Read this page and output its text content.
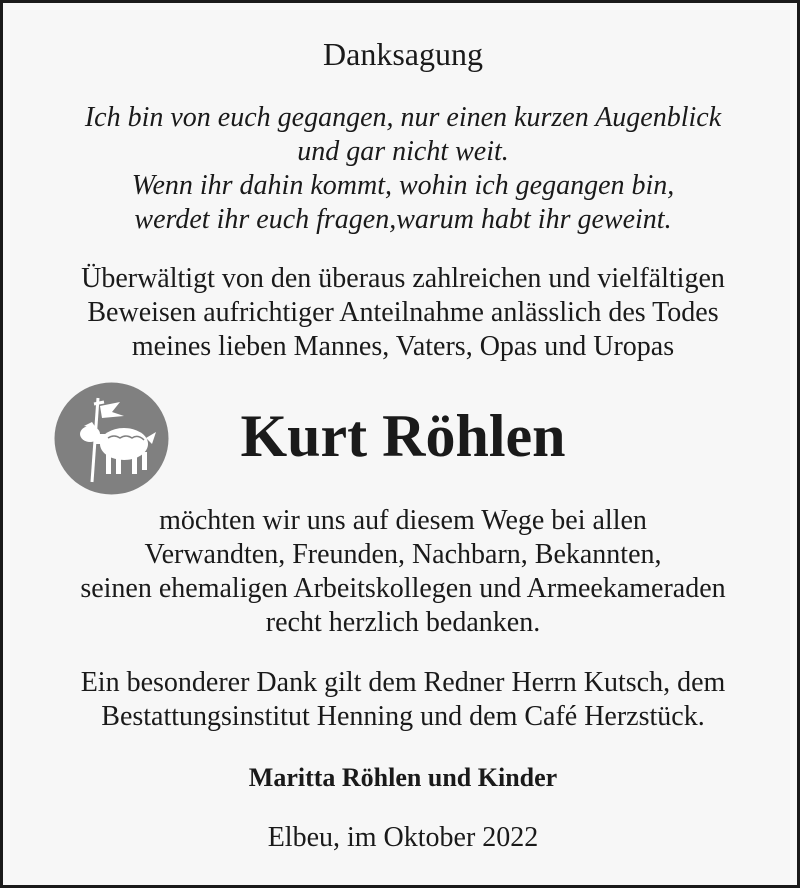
Danksagung
Ich bin von euch gegangen, nur einen kurzen Augenblick
und gar nicht weit.
Wenn ihr dahin kommt, wohin ich gegangen bin,
werdet ihr euch fragen,warum habt ihr geweint.
Überwältigt von den überaus zahlreichen und vielfältigen
Beweisen aufrichtiger Anteilnahme anlässlich des Todes
meines lieben Mannes, Vaters, Opas und Uropas
Kurt Röhlen
möchten wir uns auf diesem Wege bei allen
Verwandten, Freunden, Nachbarn, Bekannten,
seinen ehemaligen Arbeitskollegen und Armeekameraden
recht herzlich bedanken.
Ein besonderer Dank gilt dem Redner Herrn Kutsch, dem
Bestattungsinstitut Henning und dem Café Herzstück.
Maritta Röhlen und Kinder
Elbeu, im Oktober 2022
